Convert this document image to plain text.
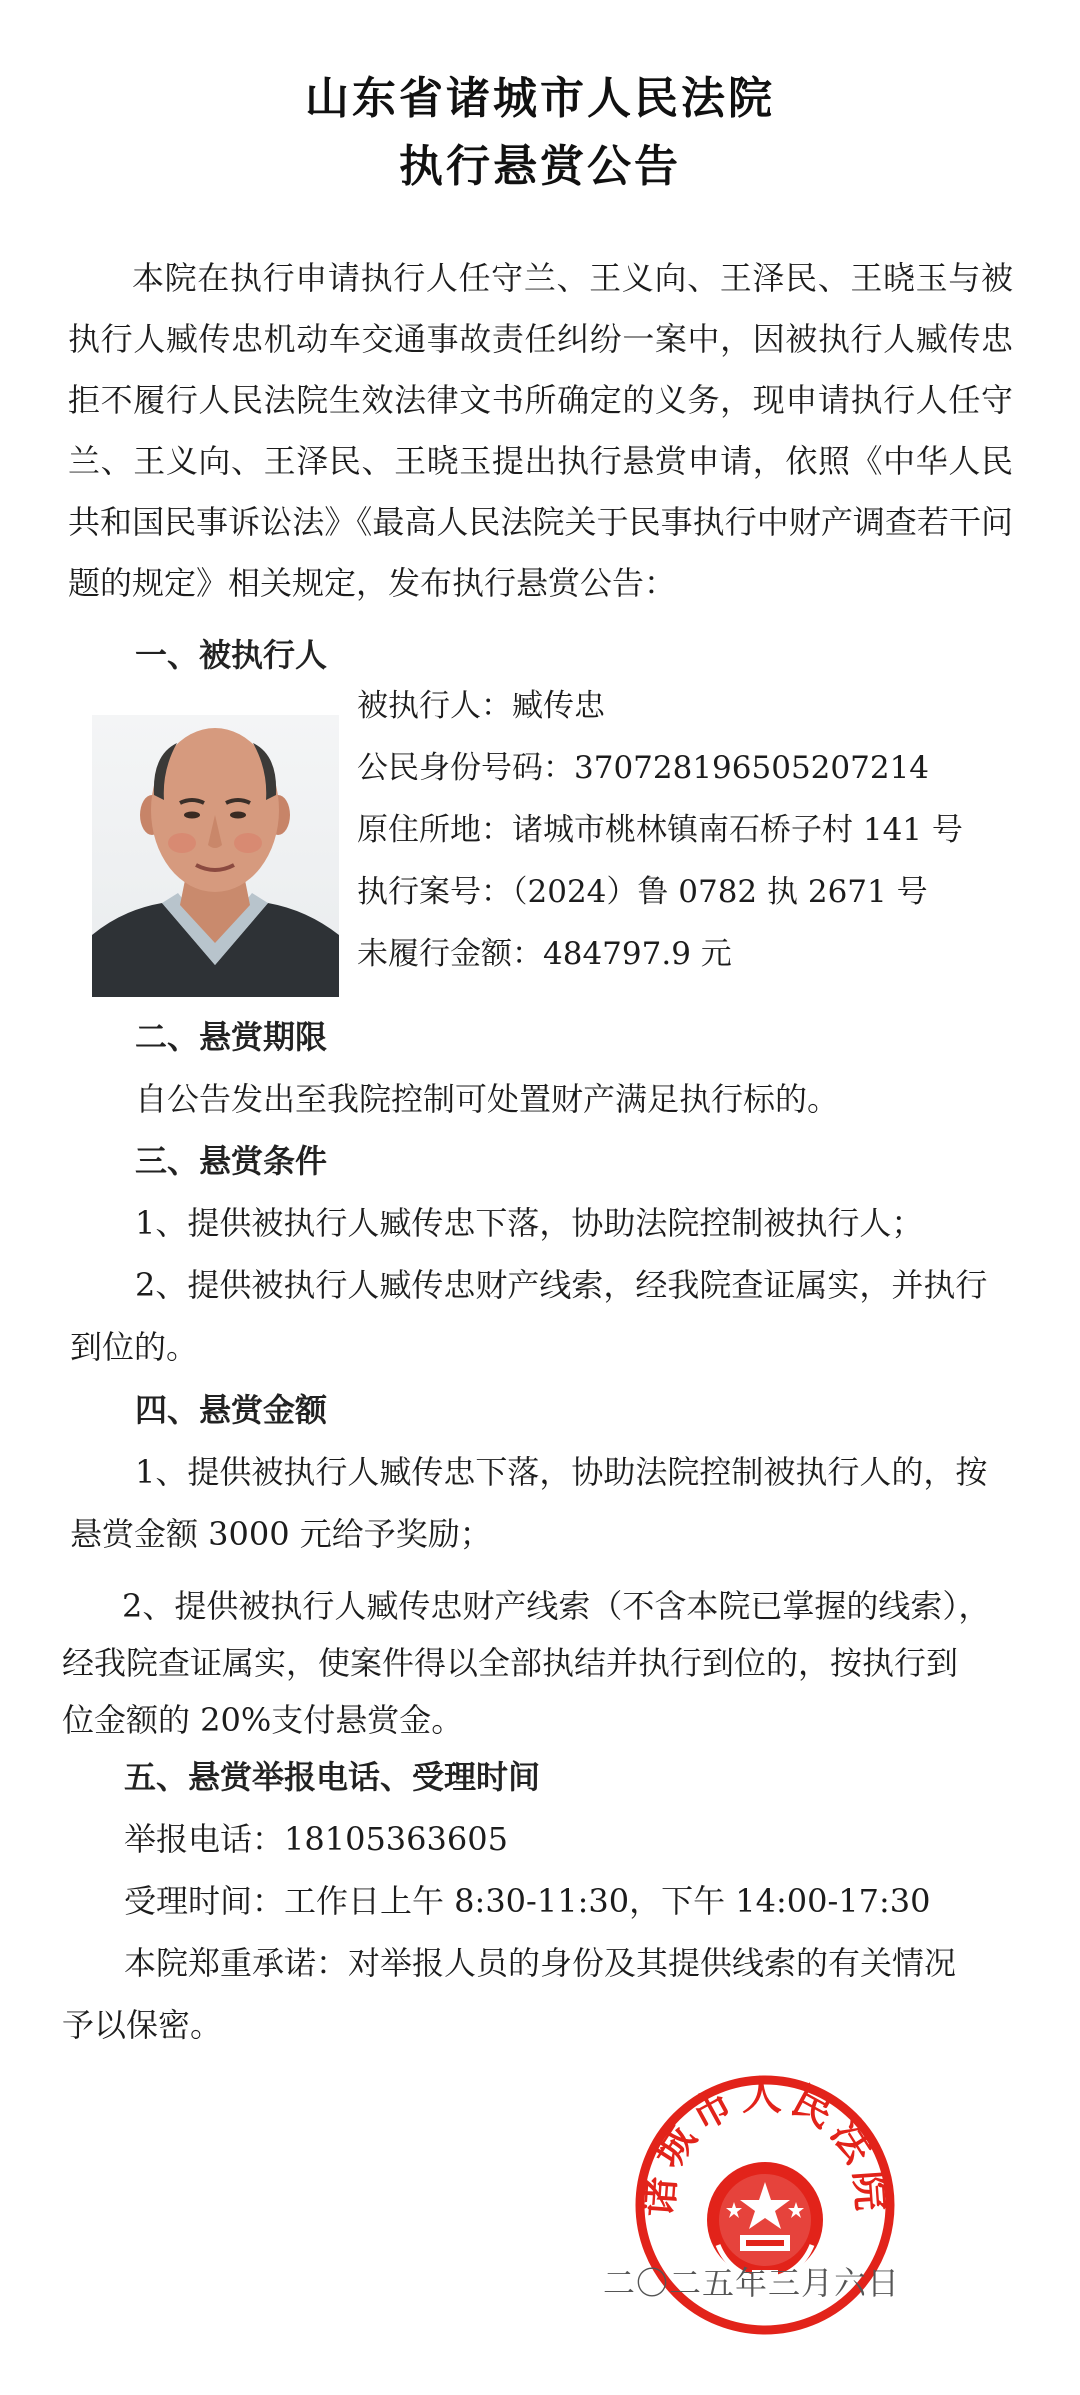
山东省诸城市人民法院
执行悬赏公告
本院在执行申请执行人任守兰、王义向、王泽民、王晓玉与被执行人臧传忠机动车交通事故责任纠纷一案中，因被执行人臧传忠拒不履行人民法院生效法律文书所确定的义务，现申请执行人任守兰、王义向、王泽民、王晓玉提出执行悬赏申请，依照《中华人民共和国民事诉讼法》《最高人民法院关于民事执行中财产调查若干问题的规定》相关规定，发布执行悬赏公告：
一、被执行人
被执行人：臧传忠
公民身份号码：370728196505207214
原住所地：诸城市桃林镇南石桥子村 141 号
执行案号：（2024）鲁 0782 执 2671 号
未履行金额：484797.9 元
二、悬赏期限
自公告发出至我院控制可处置财产满足执行标的。
三、悬赏条件
1、提供被执行人臧传忠下落，协助法院控制被执行人；
2、提供被执行人臧传忠财产线索，经我院查证属实，并执行
到位的。
四、悬赏金额
1、提供被执行人臧传忠下落，协助法院控制被执行人的，按
悬赏金额 3000 元给予奖励；
2、提供被执行人臧传忠财产线索（不含本院已掌握的线索），
经我院查证属实，使案件得以全部执结并执行到位的，按执行到
位金额的 20%支付悬赏金。
五、悬赏举报电话、受理时间
举报电话：18105363605
受理时间：工作日上午 8:30-11:30，下午 14:00-17:30
本院郑重承诺：对举报人员的身份及其提供线索的有关情况
予以保密。
诸城市人民法院
二〇二五年三月六日
